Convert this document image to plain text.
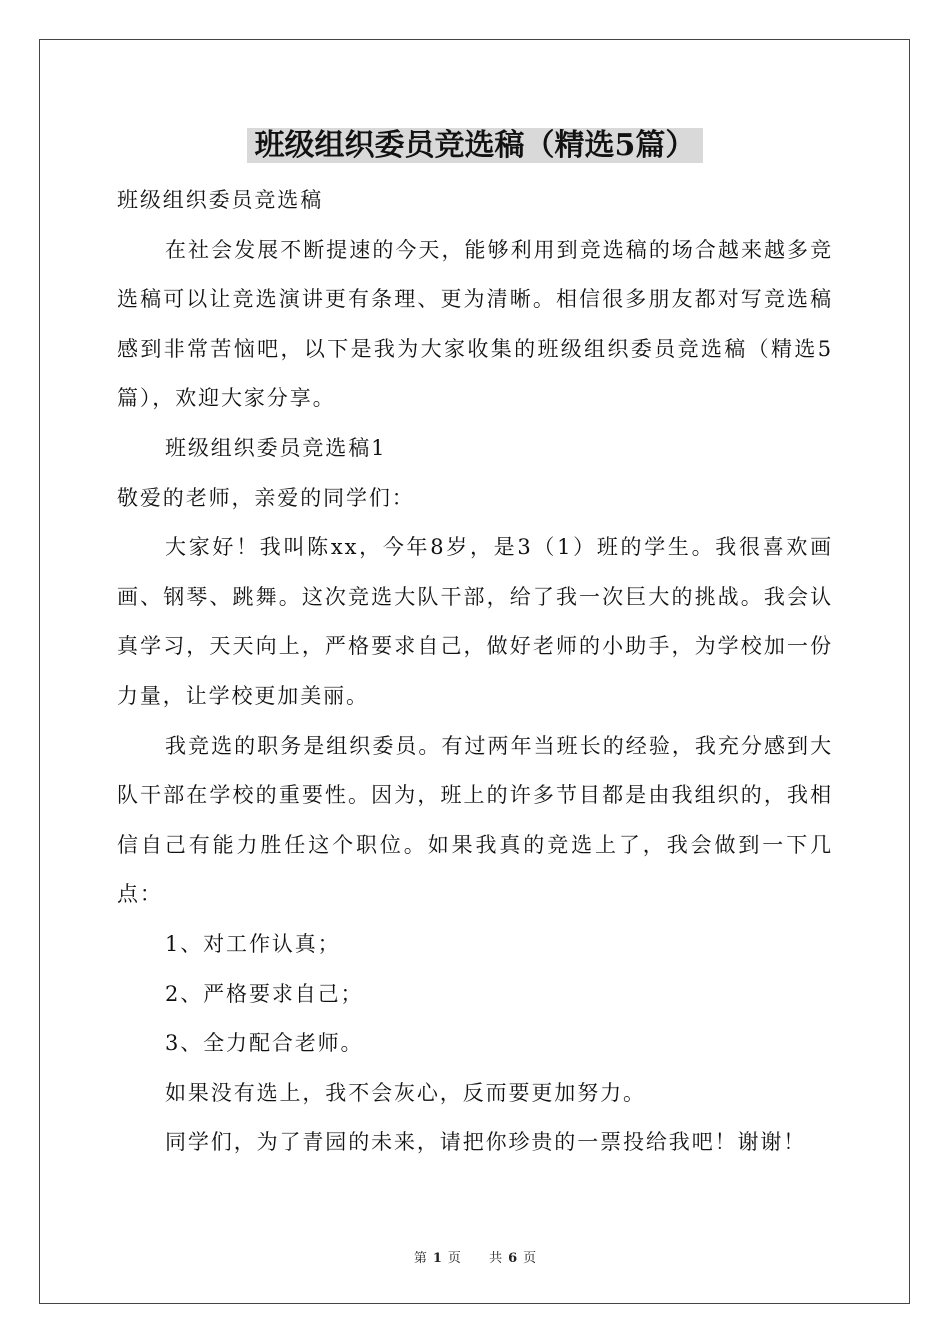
班级组织委员竞选稿（精选5篇）

班级组织委员竞选稿

在社会发展不断提速的今天，能够利用到竞选稿的场合越来越多竞选稿可以让竞选演讲更有条理、更为清晰。相信很多朋友都对写竞选稿感到非常苦恼吧，以下是我为大家收集的班级组织委员竞选稿（精选5篇），欢迎大家分享。

班级组织委员竞选稿1

敬爱的老师，亲爱的同学们：

大家好！我叫陈xx，今年8岁，是3（1）班的学生。我很喜欢画画、钢琴、跳舞。这次竞选大队干部，给了我一次巨大的挑战。我会认真学习，天天向上，严格要求自己，做好老师的小助手，为学校加一份力量，让学校更加美丽。

我竞选的职务是组织委员。有过两年当班长的经验，我充分感到大队干部在学校的重要性。因为，班上的许多节目都是由我组织的，我相信自己有能力胜任这个职位。如果我真的竞选上了，我会做到一下几点：

1、对工作认真；

2、严格要求自己；

3、全力配合老师。

如果没有选上，我不会灰心，反而要更加努力。

同学们，为了青园的未来，请把你珍贵的一票投给我吧！谢谢！

第 1 页 共 6 页
